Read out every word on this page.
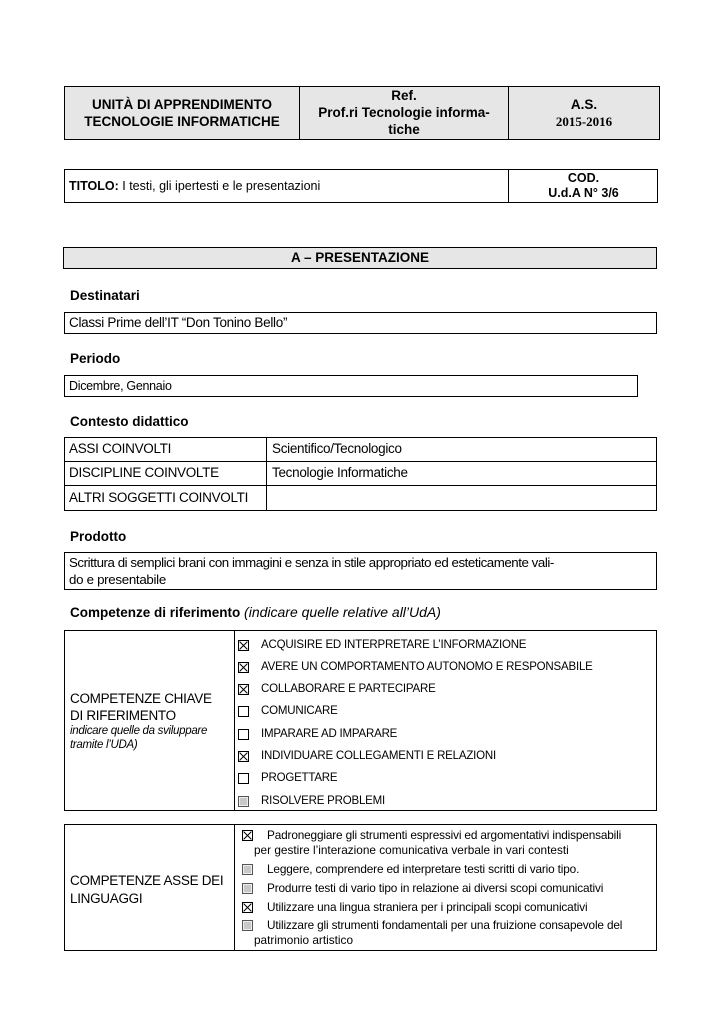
UNITÀ DI APPRENDIMENTO
TECNOLOGIE INFORMATICHE
Ref.
Prof.ri Tecnologie informa-
tiche
A.S.
2015-2016
TITOLO:
I testi, gli ipertesti e le presentazioni
COD.
U.d.A N° 3/6
A – PRESENTAZIONE
Destinatari
Classi Prime dell’IT “Don Tonino Bello”
Periodo
Dicembre, Gennaio
Contesto didattico
ASSI COINVOLTI	Scientifico/Tecnologico
DISCIPLINE COINVOLTE	Tecnologie Informatiche
ALTRI SOGGETTI COINVOLTI
Prodotto
Scrittura di semplici brani con immagini e senza in stile appropriato ed esteticamente vali-
do e presentabile
Competenze di riferimento (indicare quelle relative all’UdA)
COMPETENZE CHIAVE
DI RIFERIMENTO
indicare quelle da sviluppare
tramite l’UDA)
ACQUISIRE ED INTERPRETARE L’INFORMAZIONE
AVERE UN COMPORTAMENTO AUTONOMO E RESPONSABILE
COLLABORARE E PARTECIPARE
COMUNICARE
IMPARARE AD IMPARARE
INDIVIDUARE COLLEGAMENTI E RELAZIONI
PROGETTARE
RISOLVERE PROBLEMI
COMPETENZE ASSE DEI
LINGUAGGI
Padroneggiare gli strumenti espressivi ed argomentativi indispensabili
per gestire l’interazione comunicativa verbale in vari contesti
Leggere, comprendere ed interpretare testi scritti di vario tipo.
Produrre testi di vario tipo in relazione ai diversi scopi comunicativi
Utilizzare una lingua straniera per i principali scopi comunicativi
Utilizzare gli strumenti fondamentali per una fruizione consapevole del
patrimonio artistico
